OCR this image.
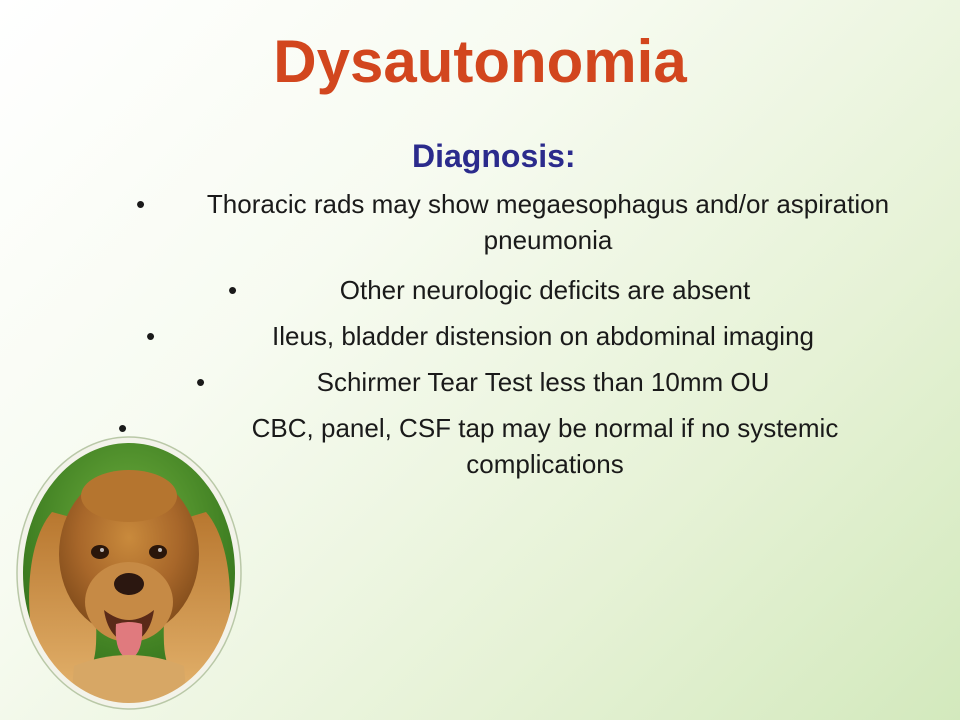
Dysautonomia
Diagnosis:
•	Thoracic rads may show megaesophagus and/or aspiration pneumonia
•	Other neurologic deficits are absent
•	Ileus, bladder distension on abdominal imaging
•	Schirmer Tear Test less than 10mm OU
•	CBC, panel, CSF tap may be normal if no systemic complications
